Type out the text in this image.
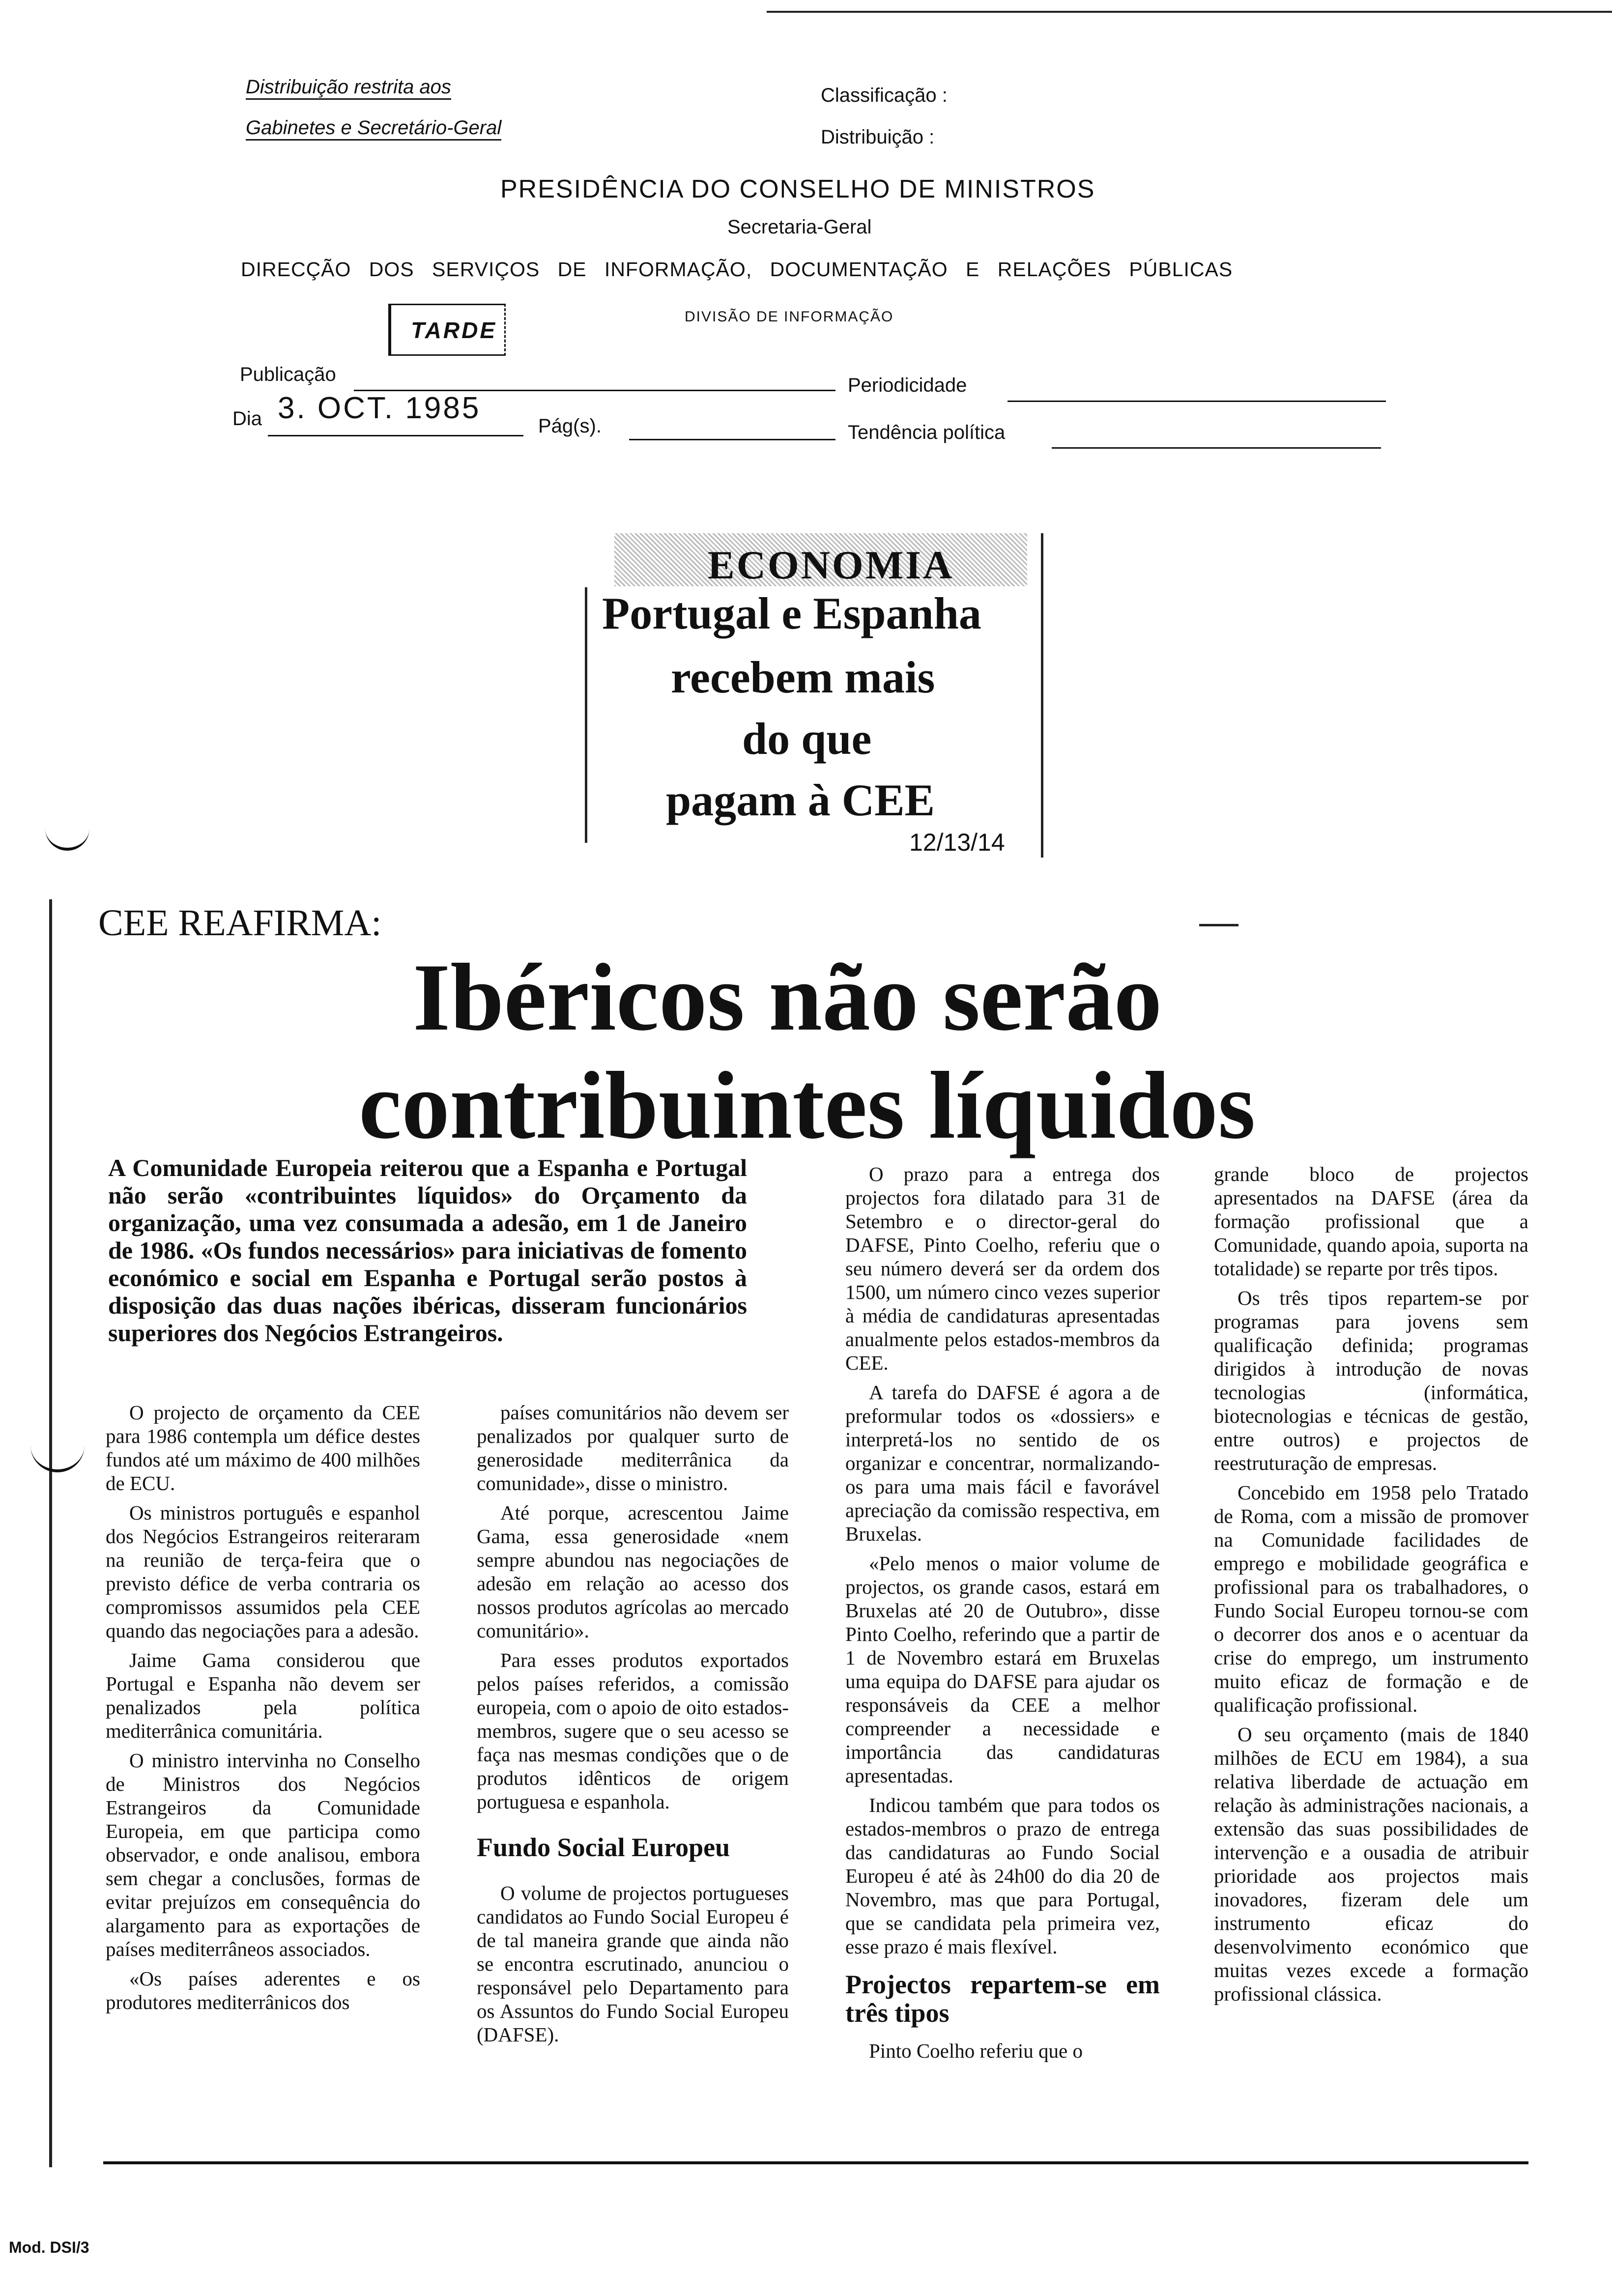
Distribuição restrita aos
Gabinetes e Secretário-Geral
Classificação :
Distribuição :
PRESIDÊNCIA DO CONSELHO DE MINISTROS
Secretaria-Geral
DIRECÇÃO DOS SERVIÇOS DE INFORMAÇÃO, DOCUMENTAÇÃO E RELAÇÕES PÚBLICAS
DIVISÃO DE INFORMAÇÃO
TARDE
Publicação	Periodicidade
Dia 3. OCT. 1985
Pág(s).	Tendência política
ECONOMIA
Portugal e Espanha
recebem mais
do que
pagam à CEE
12/13/14
CEE REAFIRMA:
Ibéricos não serão
contribuintes líquidos
A Comunidade Europeia reiterou que a Espanha e Portugal não serão «contribuintes líquidos» do Orçamento da organização, uma vez consumada a adesão, em 1 de Janeiro de 1986. «Os fundos necessários» para iniciativas de fomento económico e social em Espanha e Portugal serão postos à disposição das duas nações ibéricas, disseram funcionários superiores dos Negócios Estrangeiros.

O projecto de orçamento da CEE para 1986 contempla um défice destes fundos até um máximo de 400 milhões de ECU.

Os ministros português e espanhol dos Negócios Estrangeiros reiteraram na reunião de terça-feira que o previsto défice de verba contraria os compromissos assumidos pela CEE quando das negociações para a adesão.

Jaime Gama considerou que Portugal e Espanha não devem ser penalizados pela política mediterrânica comunitária.

O ministro intervinha no Conselho de Ministros dos Negócios Estrangeiros da Comunidade Europeia, em que participa como observador, e onde analisou, embora sem chegar a conclusões, formas de evitar prejuízos em consequência do alargamento para as exportações de países mediterrâneos associados.

«Os países aderentes e os produtores mediterrânicos dos

países comunitários não devem ser penalizados por qualquer surto de generosidade mediterrânica da comunidade», disse o ministro.

Até porque, acrescentou Jaime Gama, essa generosidade «nem sempre abundou nas negociações de adesão em relação ao acesso dos nossos produtos agrícolas ao mercado comunitário».

Para esses produtos exportados pelos países referidos, a comissão europeia, com o apoio de oito estados-membros, sugere que o seu acesso se faça nas mesmas condições que o de produtos idênticos de origem portuguesa e espanhola.

Fundo Social Europeu

O volume de projectos portugueses candidatos ao Fundo Social Europeu é de tal maneira grande que ainda não se encontra escrutinado, anunciou o responsável pelo Departamento para os Assuntos do Fundo Social Europeu (DAFSE).

O prazo para a entrega dos projectos fora dilatado para 31 de Setembro e o director-geral do DAFSE, Pinto Coelho, referiu que o seu número deverá ser da ordem dos 1500, um número cinco vezes superior à média de candidaturas apresentadas anualmente pelos estados-membros da CEE.

A tarefa do DAFSE é agora a de preformular todos os «dossiers» e interpretá-los no sentido de os organizar e concentrar, normalizando-os para uma mais fácil e favorável apreciação da comissão respectiva, em Bruxelas.

«Pelo menos o maior volume de projectos, os grande casos, estará em Bruxelas até 20 de Outubro», disse Pinto Coelho, referindo que a partir de 1 de Novembro estará em Bruxelas uma equipa do DAFSE para ajudar os responsáveis da CEE a melhor compreender a necessidade e importância das candidaturas apresentadas.

Indicou também que para todos os estados-membros o prazo de entrega das candidaturas ao Fundo Social Europeu é até às 24h00 do dia 20 de Novembro, mas que para Portugal, que se candidata pela primeira vez, esse prazo é mais flexível.

Projectos repartem-se em três tipos

Pinto Coelho referiu que o

grande bloco de projectos apresentados na DAFSE (área da formação profissional que a Comunidade, quando apoia, suporta na totalidade) se reparte por três tipos.

Os três tipos repartem-se por programas para jovens sem qualificação definida; programas dirigidos à introdução de novas tecnologias (informática, biotecnologias e técnicas de gestão, entre outros) e projectos de reestruturação de empresas.

Concebido em 1958 pelo Tratado de Roma, com a missão de promover na Comunidade facilidades de emprego e mobilidade geográfica e profissional para os trabalhadores, o Fundo Social Europeu tornou-se com o decorrer dos anos e o acentuar da crise do emprego, um instrumento muito eficaz de formação e de qualificação profissional.

O seu orçamento (mais de 1840 milhões de ECU em 1984), a sua relativa liberdade de actuação em relação às administrações nacionais, a extensão das suas possibilidades de intervenção e a ousadia de atribuir prioridade aos projectos mais inovadores, fizeram dele um instrumento eficaz do desenvolvimento económico que muitas vezes excede a formação profissional clássica.

Mod. DSI/3
